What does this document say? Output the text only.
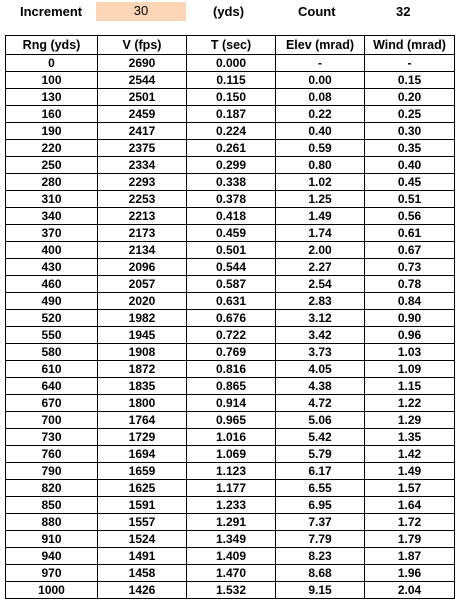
Increment	30	(yds)	Count	32
Rng (yds)	V (fps)	T (sec)	Elev (mrad)	Wind (mrad)
0	2690	0.000	-	-
100	2544	0.115	0.00	0.15
130	2501	0.150	0.08	0.20
160	2459	0.187	0.22	0.25
190	2417	0.224	0.40	0.30
220	2375	0.261	0.59	0.35
250	2334	0.299	0.80	0.40
280	2293	0.338	1.02	0.45
310	2253	0.378	1.25	0.51
340	2213	0.418	1.49	0.56
370	2173	0.459	1.74	0.61
400	2134	0.501	2.00	0.67
430	2096	0.544	2.27	0.73
460	2057	0.587	2.54	0.78
490	2020	0.631	2.83	0.84
520	1982	0.676	3.12	0.90
550	1945	0.722	3.42	0.96
580	1908	0.769	3.73	1.03
610	1872	0.816	4.05	1.09
640	1835	0.865	4.38	1.15
670	1800	0.914	4.72	1.22
700	1764	0.965	5.06	1.29
730	1729	1.016	5.42	1.35
760	1694	1.069	5.79	1.42
790	1659	1.123	6.17	1.49
820	1625	1.177	6.55	1.57
850	1591	1.233	6.95	1.64
880	1557	1.291	7.37	1.72
910	1524	1.349	7.79	1.79
940	1491	1.409	8.23	1.87
970	1458	1.470	8.68	1.96
1000	1426	1.532	9.15	2.04
